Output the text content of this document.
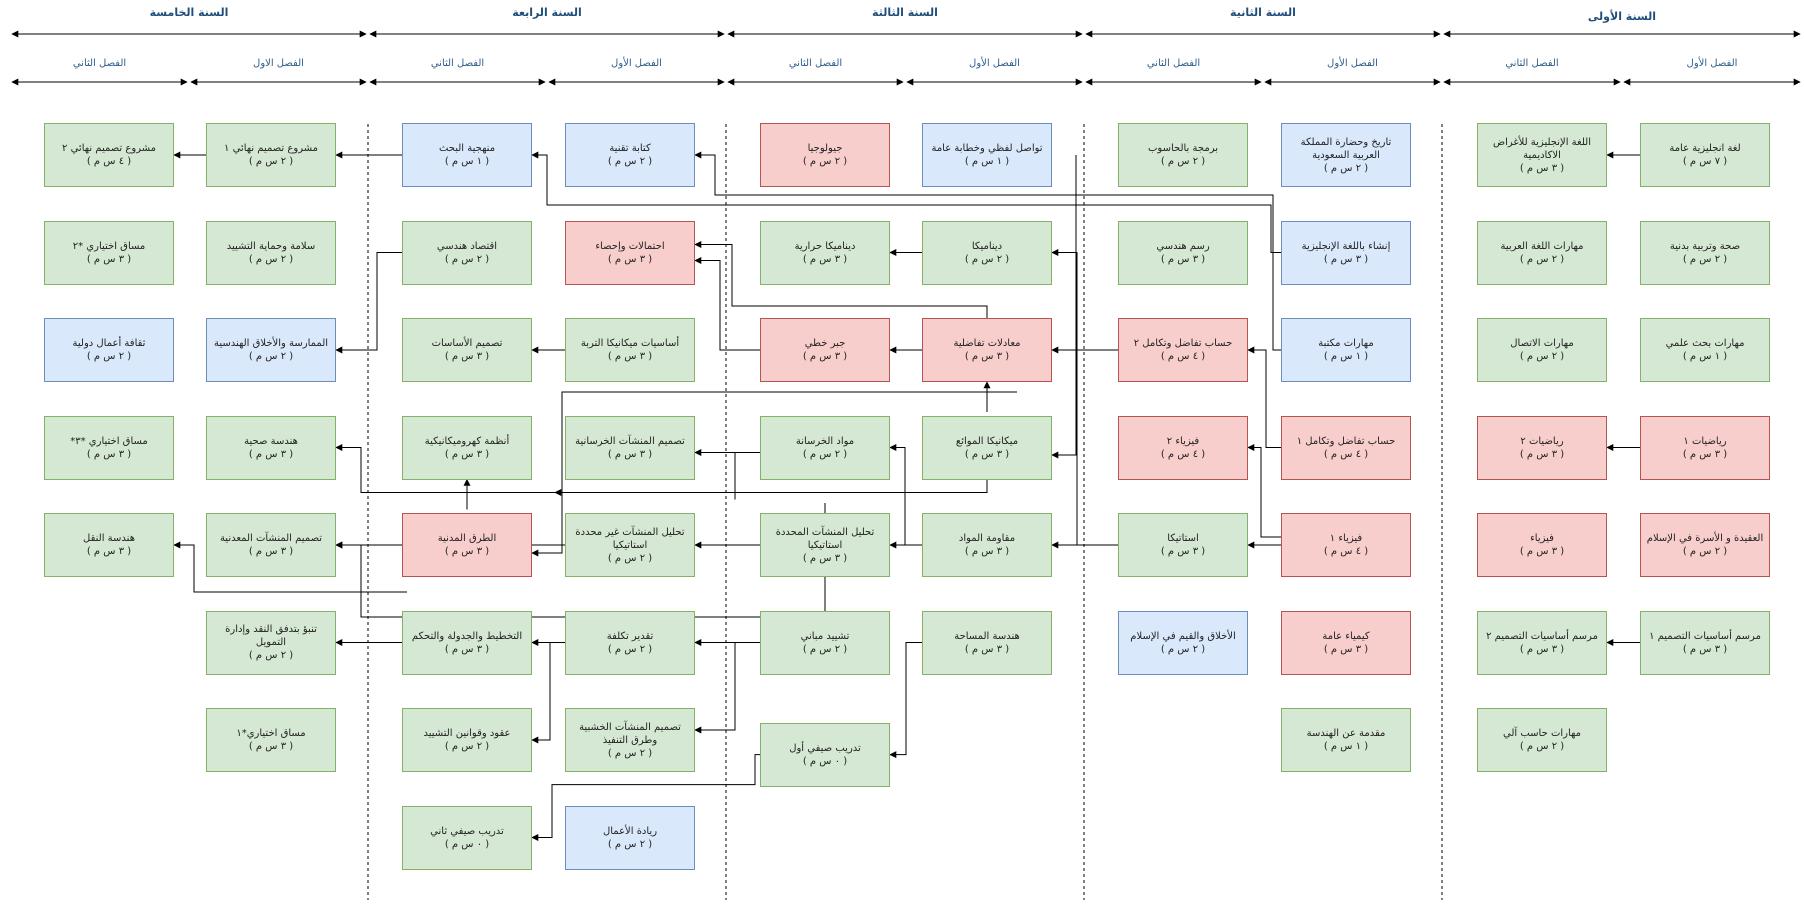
السنة الأولى
الفصل الثاني	الفصل الأول
السنة الثانية
الفصل الثاني	الفصل الأول
السنة الثالثة
الفصل الثاني	الفصل الأول
السنة الرابعة
الفصل الثاني	الفصل الأول
السنة الخامسة
الفصل الثاني	الفصل الاول
لغة انجليزية عامة
( ٧ س م )
صحة وتربية بدنية
( ٢ س م )
مهارات بحث علمي
( ١ س م )
رياضيات ١
( ٣ س م )
العقيدة و الأسرة في الإسلام
( ٢ س م )
مرسم أساسيات التصميم ١
( ٣ س م )
اللغة الإنجليزية للأغراض الاكاديمية
( ٣ س م )
مهارات اللغة العربية
( ٢ س م )
مهارات الاتصال
( ٢ س م )
رياضيات ٢
( ٣ س م )
فيزياء
( ٣ س م )
مرسم أساسيات التصميم ٢
( ٣ س م )
مهارات حاسب آلي
( ٢ س م )
تاريخ وحضارة المملكة العربية السعودية
( ٢ س م )
إنشاء باللغة الإنجليزية
( ٣ س م )
مهارات مكتبة
( ١ س م )
حساب تفاضل وتكامل ١
( ٤ س م )
فيزياء ١
( ٤ س م )
كيمياء عامة
( ٣ س م )
مقدمة عن الهندسة
( ١ س م )
برمجة بالحاسوب
( ٢ س م )
رسم هندسي
( ٣ س م )
حساب تفاضل وتكامل ٢
( ٤ س م )
فيزياء ٢
( ٤ س م )
استاتيكا
( ٣ س م )
الأخلاق والقيم في الإسلام
( ٢ س م )
تواصل لفظي وخطابة عامة
( ١ س م )
ديناميكا
( ٢ س م )
معادلات تفاضلية
( ٣ س م )
ميكانيكا الموائع
( ٣ س م )
مقاومة المواد
( ٣ س م )
هندسة المساحة
( ٣ س م )
جيولوجيا
( ٢ س م )
ديناميكا حرارية
( ٣ س م )
جبر خطي
( ٣ س م )
مواد الخرسانة
( ٢ س م )
تحليل المنشآت المحددة استاتيكيا
( ٣ س م )
تشييد مباني
( ٢ س م )
تدريب صيفي أول
( ٠ س م )
كتابة تقنية
( ٢ س م )
احتمالات وإحصاء
( ٣ س م )
أساسيات ميكانيكا التربة
( ٣ س م )
تصميم المنشآت الخرسانية
( ٣ س م )
تحليل المنشآت غير محددة استاتيكيا
( ٢ س م )
تقدير تكلفة
( ٢ س م )
تصميم المنشآت الخشبية وطرق التنفيذ
( ٢ س م )
ريادة الأعمال
( ٢ س م )
منهجية البحث
( ١ س م )
اقتصاد هندسي
( ٢ س م )
تصميم الأساسات
( ٣ س م )
أنظمة كهروميكانيكية
( ٣ س م )
الطرق المدنية
( ٣ س م )
التخطيط والجدولة والتحكم
( ٣ س م )
عقود وقوانين التشييد
( ٢ س م )
تدريب صيفي ثاني
( ٠ س م )
مشروع تصميم نهائي ١
( ٢ س م )
سلامة وحماية التشييد
( ٢ س م )
الممارسة والأخلاق الهندسية
( ٢ س م )
هندسة صحية
( ٣ س م )
تصميم المنشآت المعدنية
( ٣ س م )
تنبؤ بتدفق النقد وإدارة التمويل
( ٢ س م )
مساق اختياري*١
( ٣ س م )
مشروع تصميم نهائي ٢
( ٤ س م )
مساق اختياري *٢
( ٣ س م )
ثقافة أعمال دولية
( ٢ س م )
مساق اختياري *٣*
( ٣ س م )
هندسة النقل
( ٣ س م )
